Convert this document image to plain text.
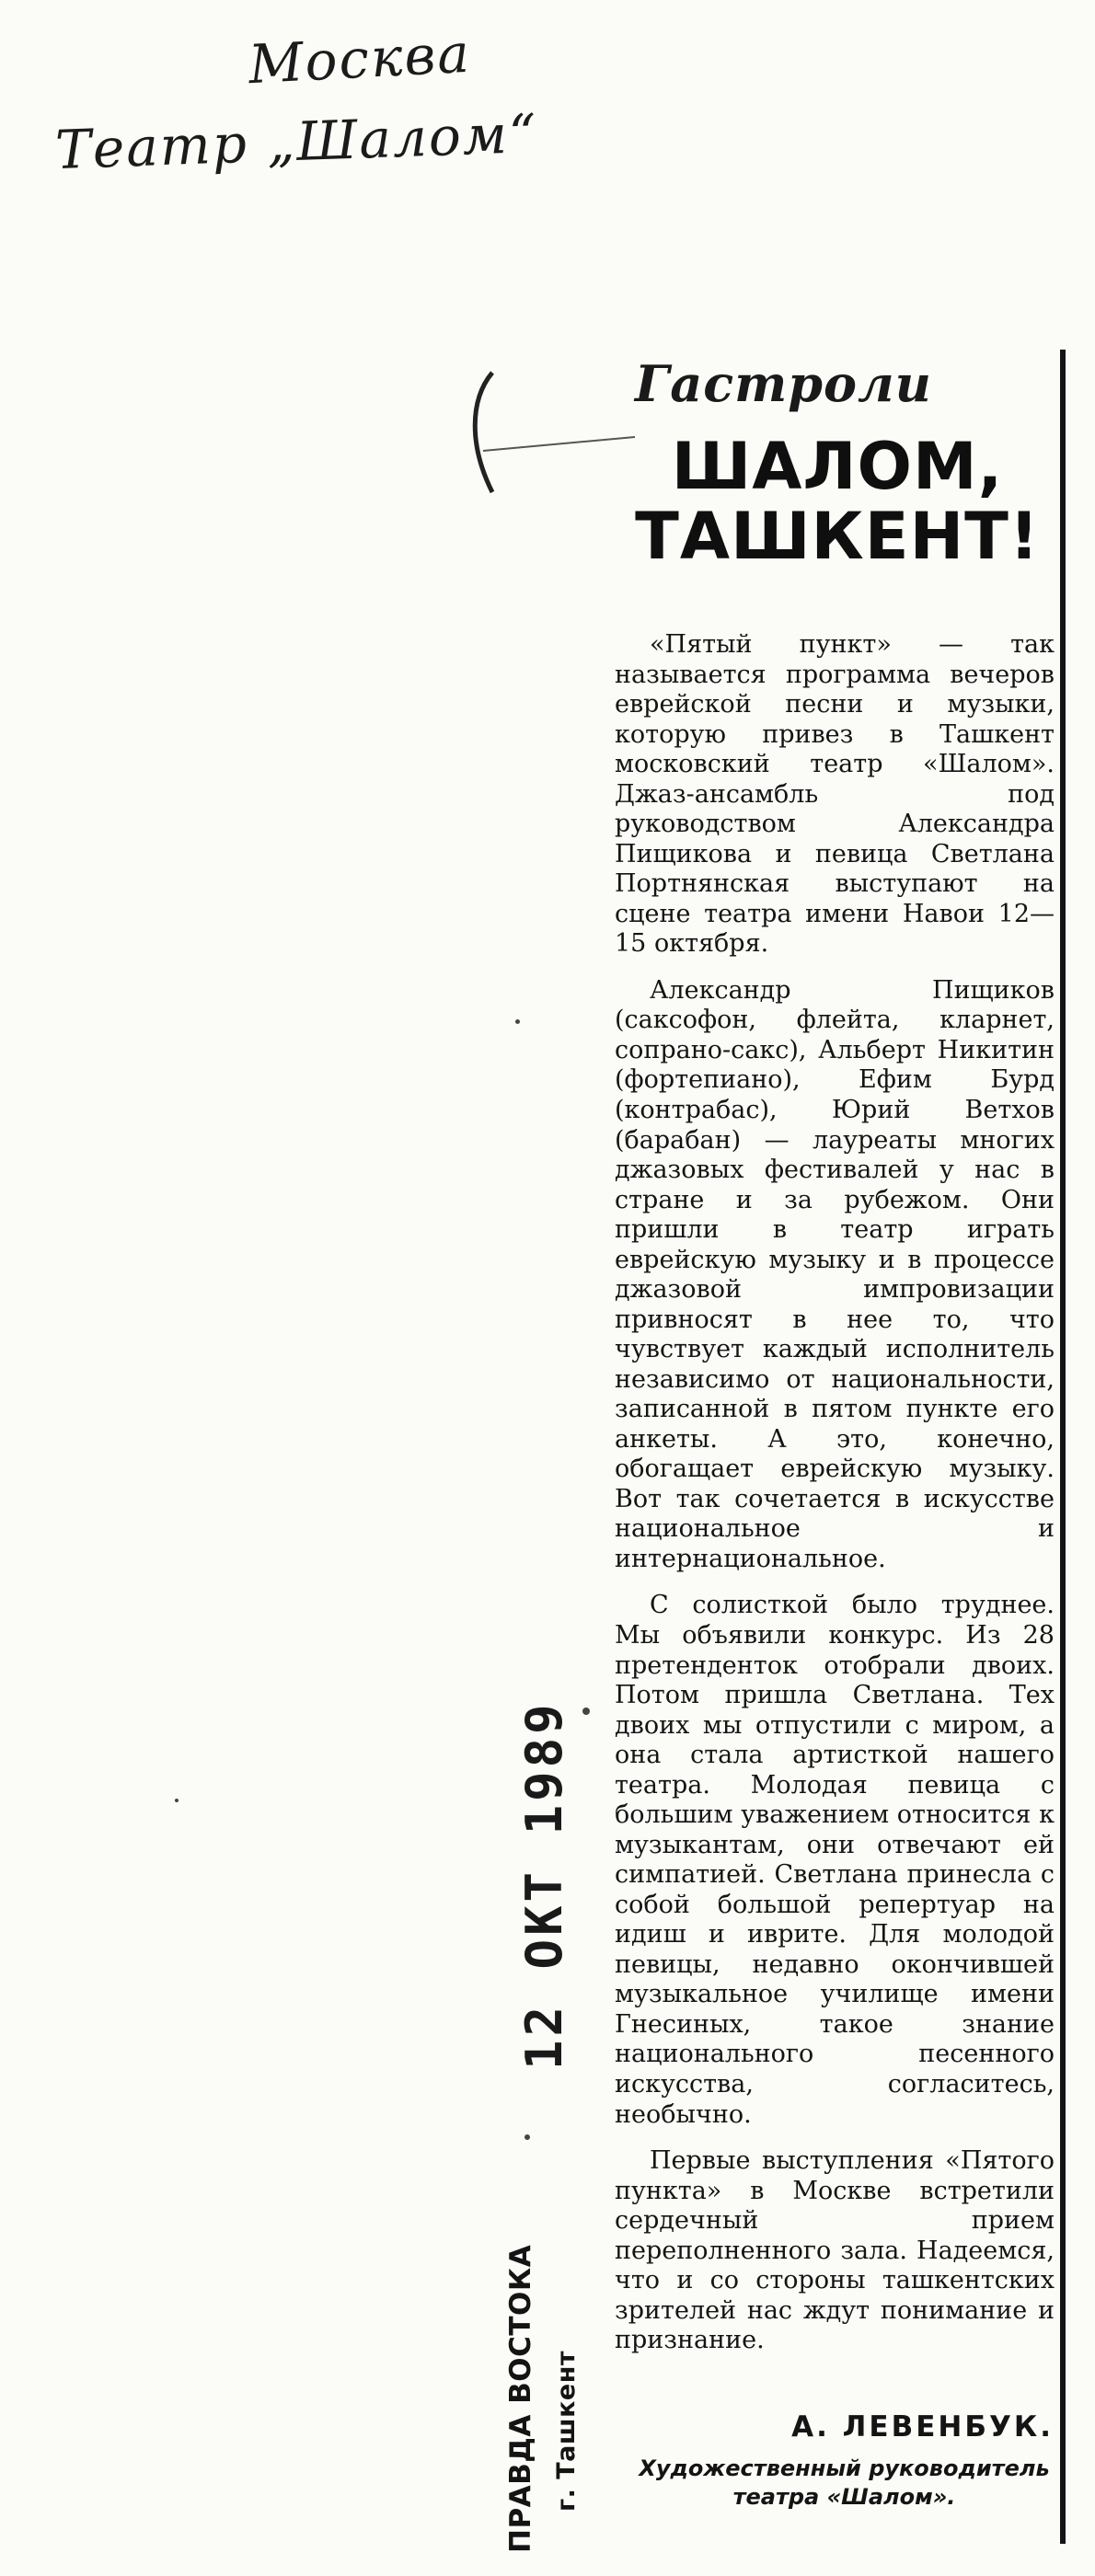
Москва
Театр „Шалом“
Гастроли
ШАЛОМ,
ТАШКЕНТ!

«Пятый пункт» — так называется программа вечеров еврейской песни и музыки, которую привез в Ташкент московский театр «Шалом». Джаз-ансамбль под руководством Александра Пищикова и певица Светлана Портнянская выступают на сцене театра имени Навои 12—15 октября.

Александр Пищиков (саксофон, флейта, кларнет, сопрано-сакс), Альберт Никитин (фортепиано), Ефим Бурд (контрабас), Юрий Ветхов (барабан) — лауреаты многих джазовых фестивалей у нас в стране и за рубежом. Они пришли в театр играть еврейскую музыку и в процессе джазовой импровизации привносят в нее то, что чувствует каждый исполнитель независимо от национальности, записанной в пятом пункте его анкеты. А это, конечно, обогащает еврейскую музыку. Вот так сочетается в искусстве национальное и интернациональное.

С солисткой было труднее. Мы объявили конкурс. Из 28 претенденток отобрали двоих. Потом пришла Светлана. Тех двоих мы отпустили с миром, а она стала артисткой нашего театра. Молодая певица с большим уважением относится к музыкантам, они отвечают ей симпатией. Светлана принесла с собой большой репертуар на идиш и иврите. Для молодой певицы, недавно окончившей музыкальное училище имени Гнесиных, такое знание национального песенного искусства, согласитесь, необычно.

Первые выступления «Пятого пункта» в Москве встретили сердечный прием переполненного зала. Надеемся, что и со стороны ташкентских зрителей нас ждут понимание и признание.

А. ЛЕВЕНБУК.
Художественный руководитель театра «Шалом».
12 ОКТ 1989
ПРАВДА ВОСТОКА г. Ташкент
